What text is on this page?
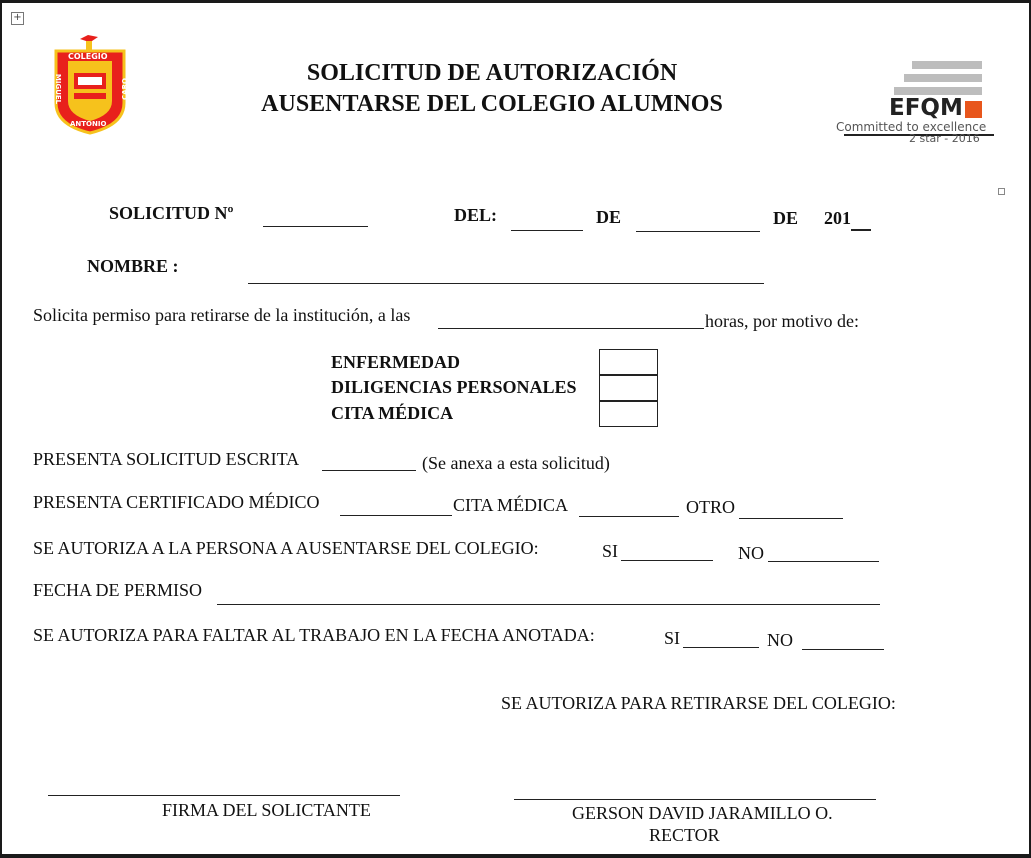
+
COLEGIO
MIGUEL	CARO
ANTONIO
SOLICITUD DE AUTORIZACIÓN
AUSENTARSE DEL COLEGIO ALUMNOS	EFQM
Committed to excellence
2 star - 2016
SOLICITUD Nº	DEL:	DE	DE 201
NOMBRE :
Solicita permiso para retirarse de la institución, a las	horas, por motivo de:
ENFERMEDAD
DILIGENCIAS PERSONALES
CITA MÉDICA
PRESENTA SOLICITUD ESCRITA	(Se anexa a esta solicitud)
PRESENTA CERTIFICADO MÉDICO	CITA MÉDICA	OTRO
SE AUTORIZA A LA PERSONA A AUSENTARSE DEL COLEGIO:	SI	NO
FECHA DE PERMISO
SE AUTORIZA PARA FALTAR AL TRABAJO EN LA FECHA ANOTADA:	SI	NO
SE AUTORIZA PARA RETIRARSE DEL COLEGIO:
FIRMA DEL SOLICTANTE	GERSON DAVID JARAMILLO O.
RECTOR
